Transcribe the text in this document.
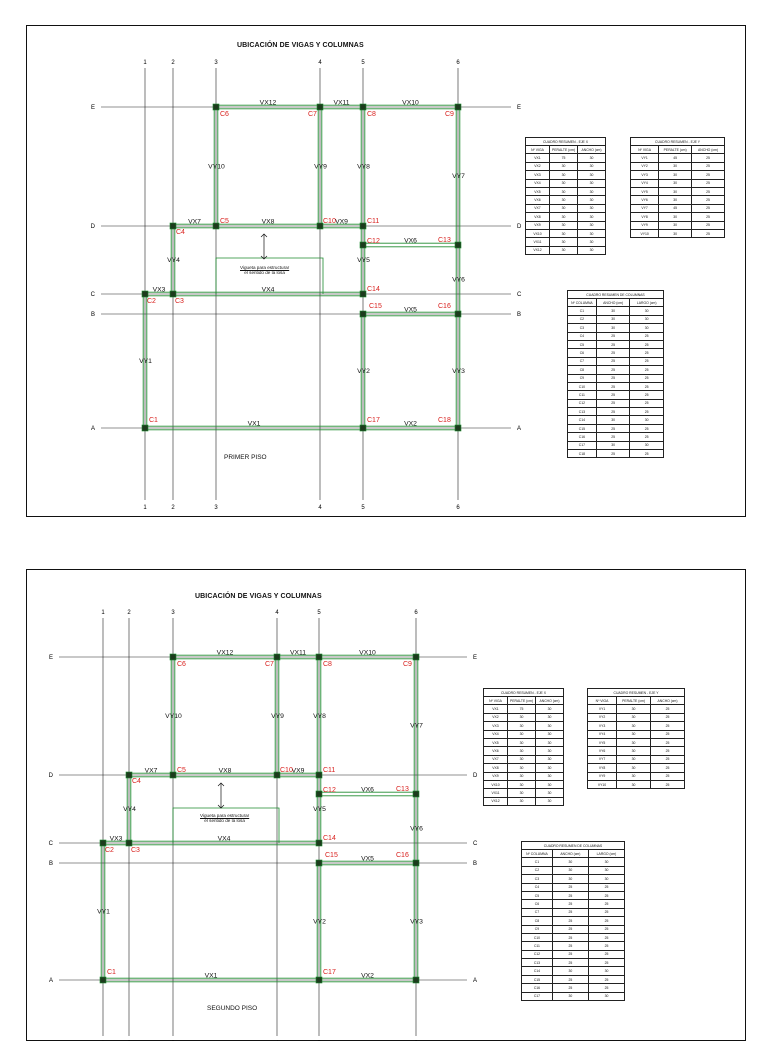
1
1
2
2
3
3
4
4
5
5
6
6
E	E
D	D
C	C
B	B
A	A
VX12	VX11	VX10
VX7	VX8	VX9
VX6
VX3	VX4
VX5
VX1	VX2
VY10	VY9	VY8
VY7
VY4	VY5
VY6
VY1
VY2	VY3
C1
C2	C3
C4
C5
C6	C7	C8	C9
C10	C11
C12	C13
C14
C15	C16
C17	C18
UBICACIÓN DE VIGAS Y COLUMNAS
PRIMER PISO
Vigueta para estructurar
el sentido de la losa
CUADRO RESUMEN - EJE X
Nº VIGA	PERALTE (cm)	ANCHO (cm)
VX1	75	30
VX2	30	30
VX3	30	30
VX4	30	30
VX5	30	30
VX6	30	30
VX7	30	30
VX8	30	30
VX9	30	30
VX10	30	30
VX11	30	30
VX12	30	30
CUADRO RESUMEN - EJE Y
Nº VIGA	PERALTE (cm)	ANCHO (cm)
VY1	45	25
VY2	30	25
VY3	30	25
VY4	30	25
VY5	30	25
VY6	30	25
VY7	45	25
VY8	30	25
VY9	30	25
VY10	30	25
CUADRO RESUMEN DE COLUMNAS
Nº COLUMNA	ANCHO (cm)	LARGO (cm)
C1	30	30
C2	30	30
C3	30	30
C4	25	25
C5	25	25
C6	25	25
C7	25	25
C8	25	25
C9	25	25
C10	25	25
C11	25	25
C12	25	25
C13	25	25
C14	30	30
C15	25	25
C16	25	25
C17	30	30
C18	25	25
1	2	3	4	5	6
E	E
D	D
C	C
B	B
A	A
VX12	VX11	VX10
VX7	VX8	VX9
VX6
VX3	VX4
VX5
VX1	VX2
VY10	VY9	VY8
VY7
VY4	VY5
VY6
VY1
VY2	VY3
C1
C2 C3
C4
C5
C6	C7	C8	C9
C10	C11
C12	C13
C14
C15	C16
C17
UBICACIÓN DE VIGAS Y COLUMNAS
SEGUNDO PISO
Vigueta para estructurar
el sentido de la losa
CUADRO RESUMEN - EJE X
Nº VIGA	PERALTE (cm)	ANCHO (cm)
VX1	75	30
VX2	30	30
VX3	30	30
VX4	30	30
VX5	30	30
VX6	30	30
VX7	30	30
VX8	30	30
VX9	30	30
VX10	30	30
VX11	30	30
VX12	30	30
CUADRO RESUMEN - EJE Y
Nº VIGA	PERALTE (cm)	ANCHO (cm)
VY1	30	25
VY2	30	25
VY3	30	25
VY4	30	25
VY5	30	25
VY6	30	25
VY7	30	25
VY8	30	25
VY9	30	25
VY10	30	25
CUADRO RESUMEN DE COLUMNAS
Nº COLUMNA	ANCHO (cm)	LARGO (cm)
C1	30	30
C2	30	30
C3	30	30
C4	25	25
C5	25	25
C6	25	25
C7	25	25
C8	25	25
C9	25	25
C10	25	25
C11	25	25
C12	25	25
C13	25	25
C14	30	30
C15	25	25
C16	25	25
C17	30	30
